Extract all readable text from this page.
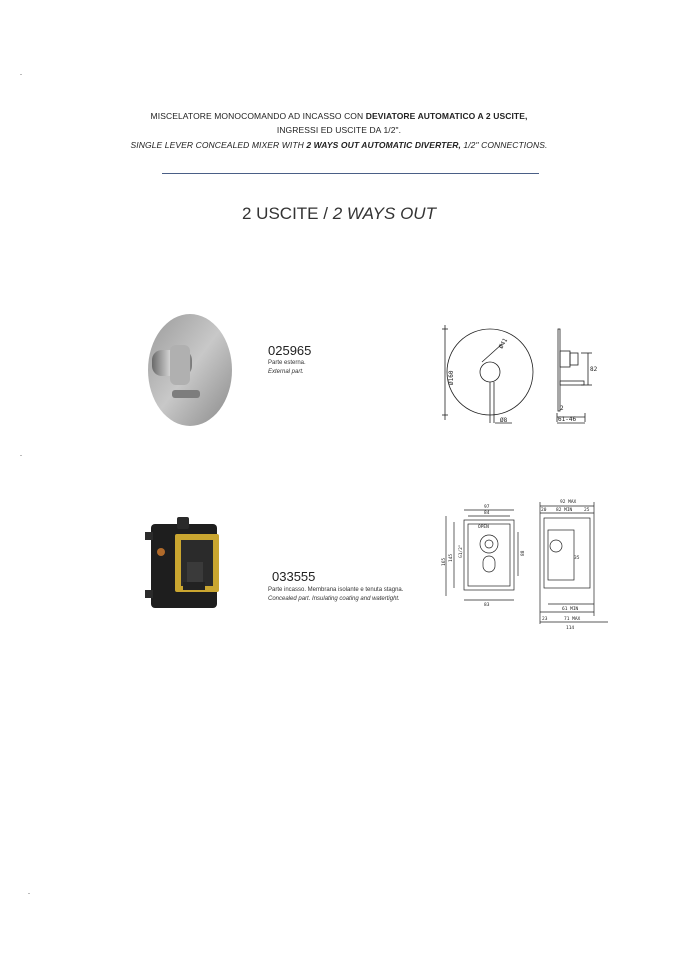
MISCELATORE MONOCOMANDO AD INCASSO CON DEVIATORE AUTOMATICO A 2 USCITE,
INGRESSI ED USCITE DA 1/2".
SINGLE LEVER CONCEALED MIXER WITH 2 WAYS OUT AUTOMATIC DIVERTER, 1/2" CONNECTIONS.
2 USCITE / 2 WAYS OUT
025965
Parte esterna.
External part.	Ø160
Ø41
Ø8
82
2
61-46
033555
Parte incasso. Membrana isolante e tenuta stagna.
Concealed part. Insulating coating and watertight.
97
84
83
165 145
88
OPEN
G1/2"
92 MAX
82 MIN
20	25
35
61 MIN
71 MAX
23
114
